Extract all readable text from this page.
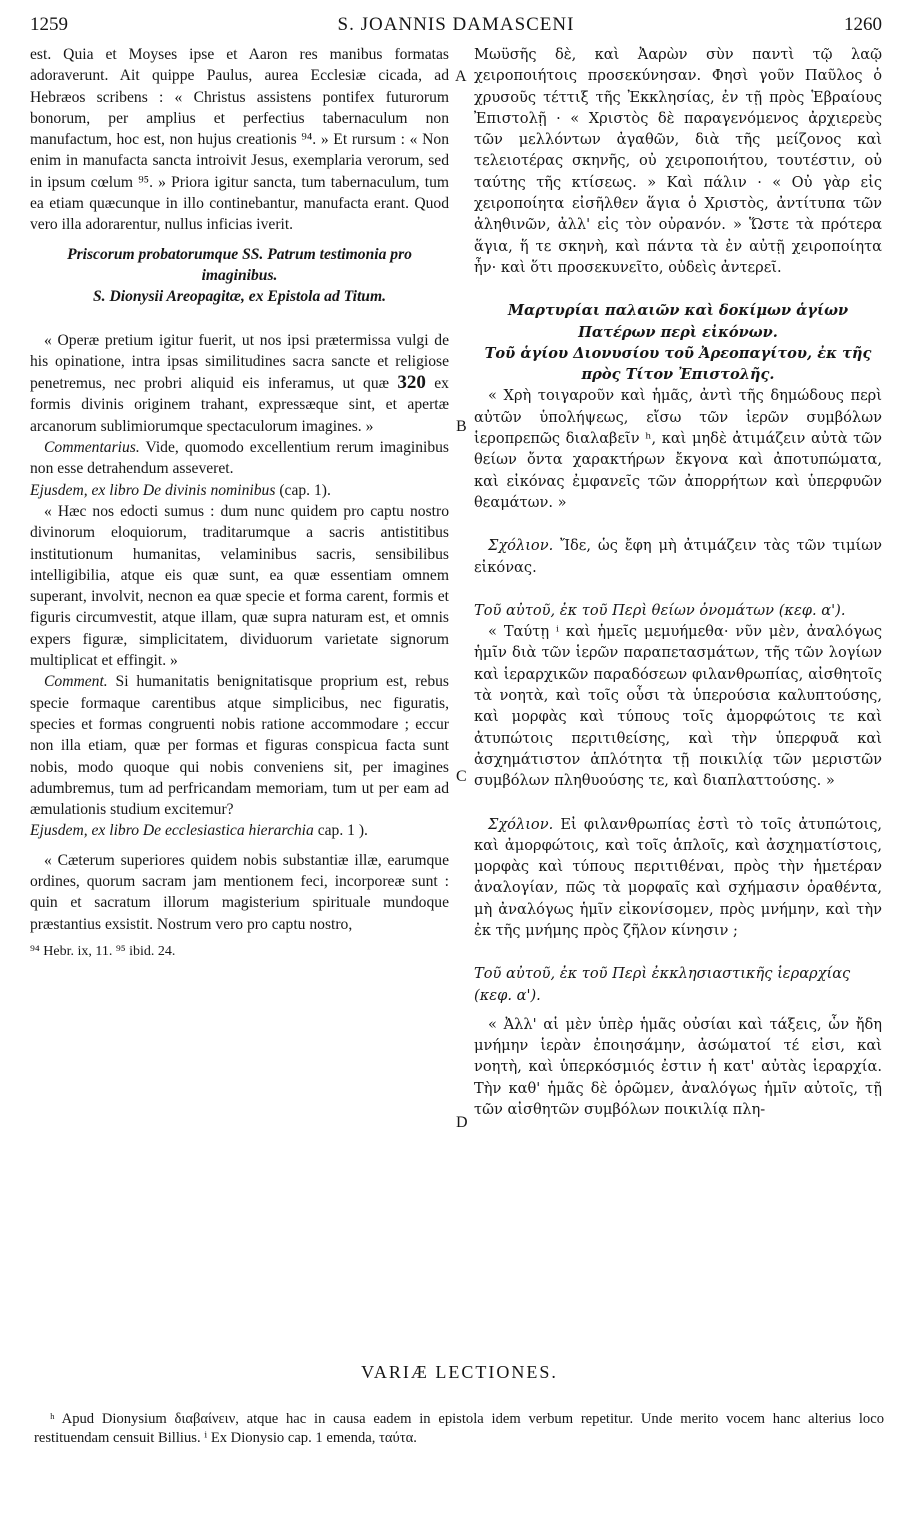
1259	S. JOANNIS DAMASCENI	1260
A
B
C
D

est. Quia et Moyses ipse et Aaron res manibus formatas adoraverunt. Ait quippe Paulus, aurea Ecclesiæ cicada, ad Hebræos scribens : « Christus assistens pontifex futurorum bonorum, per amplius et perfectius tabernaculum non manufactum, hoc est, non hujus creationis ⁹⁴. » Et rursum : « Non enim in manufacta sancta introivit Jesus, exemplaria verorum, sed in ipsum cœlum ⁹⁵. » Priora igitur sancta, tum tabernaculum, tum ea etiam quæcunque in illo continebantur, manufacta erant. Quod vero illa adorarentur, nullus inficias iverit.

Priscorum probatorumque SS. Patrum testimonia pro imaginibus.

S. Dionysii Areopagitæ, ex Epistola ad Titum.

« Operæ pretium igitur fuerit, ut nos ipsi prætermissa vulgi de his opinatione, intra ipsas similitudines sacra sancte et religiose penetremus, nec probri aliquid eis inferamus, ut quæ 320 ex formis divinis originem trahant, expressæque sint, et apertæ arcanorum sublimiorumque spectaculorum imagines. »

Commentarius. Vide, quomodo excellentium rerum imaginibus non esse detrahendum asseveret.

Ejusdem, ex libro De divinis nominibus (cap. 1).

« Hæc nos edocti sumus : dum nunc quidem pro captu nostro divinorum eloquiorum, traditarumque a sacris antistitibus institutionum humanitas, velaminibus sacris, sensibilibus intelligibilia, atque eis quæ sunt, ea quæ essentiam omnem superant, involvit, necnon ea quæ specie et forma carent, formis et figuris circumvestit, atque illam, quæ supra naturam est, et omnis expers figuræ, simplicitatem, dividuorum varietate signorum multiplicat et effingit. »

Comment. Si humanitatis benignitatisque proprium est, rebus specie formaque carentibus atque simplicibus, nec figuratis, species et formas congruenti nobis ratione accommodare ; eccur non illa etiam, quæ per formas et figuras conspicua facta sunt nobis, modo quoque qui nobis conveniens sit, per imagines adumbremus, tum ad perfricandam memoriam, tum ut per eam ad æmulationis studium excitemur?

Ejusdem, ex libro De ecclesiastica hierarchia cap. 1 ).

« Cæterum superiores quidem nobis substantiæ illæ, earumque ordines, quorum sacram jam mentionem feci, incorporeæ sunt : quin et sacratum illorum magisterium spirituale mundoque præstantius exsistit. Nostrum vero pro captu nostro,

⁹⁴ Hebr. ix, 11. ⁹⁵ ibid. 24.

Μωϋσῆς δὲ, καὶ Ἀαρὼν σὺν παντὶ τῷ λαῷ χειροποιήτοις προσεκύνησαν. Φησὶ γοῦν Παῦλος ὁ χρυσοῦς τέττιξ τῆς Ἐκκλησίας, ἐν τῇ πρὸς Ἑβραίους Ἐπιστολῇ · « Χριστὸς δὲ παραγενόμενος ἀρχιερεὺς τῶν μελλόντων ἀγαθῶν, διὰ τῆς μείζονος καὶ τελειοτέρας σκηνῆς, οὐ χειροποιήτου, τουτέστιν, οὐ ταύτης τῆς κτίσεως. » Καὶ πάλιν · « Οὐ γὰρ εἰς χειροποίητα εἰσῆλθεν ἅγια ὁ Χριστὸς, ἀντίτυπα τῶν ἀληθινῶν, ἀλλ' εἰς τὸν οὐρανόν. » Ὥστε τὰ πρότερα ἅγια, ἥ τε σκηνὴ, καὶ πάντα τὰ ἐν αὐτῇ χειροποίητα ἦν· καὶ ὅτι προσεκυνεῖτο, οὐδεὶς ἀντερεῖ.

Μαρτυρίαι παλαιῶν καὶ δοκίμων ἁγίων Πατέρων περὶ εἰκόνων.

Τοῦ ἁγίου Διονυσίου τοῦ Ἀρεοπαγίτου, ἐκ τῆς πρὸς Τίτον Ἐπιστολῆς.

« Χρὴ τοιγαροῦν καὶ ἡμᾶς, ἀντὶ τῆς δημώδους περὶ αὐτῶν ὑπολήψεως, εἴσω τῶν ἱερῶν συμβόλων ἱεροπρεπῶς διαλαβεῖν ʰ, καὶ μηδὲ ἀτιμάζειν αὐτὰ τῶν θείων ὄντα χαρακτήρων ἔκγονα καὶ ἀποτυπώματα, καὶ εἰκόνας ἐμφανεῖς τῶν ἀπορρήτων καὶ ὑπερφυῶν θεαμάτων. »

Σχόλιον. Ἴδε, ὡς ἔφη μὴ ἀτιμάζειν τὰς τῶν τιμίων εἰκόνας.

Τοῦ αὐτοῦ, ἐκ τοῦ Περὶ θείων ὀνομάτων (κεφ. α').

« Ταύτῃ ⁱ καὶ ἡμεῖς μεμυήμεθα· νῦν μὲν, ἀναλόγως ἡμῖν διὰ τῶν ἱερῶν παραπετασμάτων, τῆς τῶν λογίων καὶ ἱεραρχικῶν παραδόσεων φιλανθρωπίας, αἰσθητοῖς τὰ νοητὰ, καὶ τοῖς οὖσι τὰ ὑπερούσια καλυπτούσης, καὶ μορφὰς καὶ τύπους τοῖς ἀμορφώτοις τε καὶ ἀτυπώτοις περιτιθείσης, καὶ τὴν ὑπερφυᾶ καὶ ἀσχημάτιστον ἁπλότητα τῇ ποικιλίᾳ τῶν μεριστῶν συμβόλων πληθυούσης τε, καὶ διαπλαττούσης. »

Σχόλιον. Εἰ φιλανθρωπίας ἐστὶ τὸ τοῖς ἀτυπώτοις, καὶ ἀμορφώτοις, καὶ τοῖς ἁπλοῖς, καὶ ἀσχηματίστοις, μορφὰς καὶ τύπους περιτιθέναι, πρὸς τὴν ἡμετέραν ἀναλογίαν, πῶς τὰ μορφαῖς καὶ σχήμασιν ὁραθέντα, μὴ ἀναλόγως ἡμῖν εἰκονίσομεν, πρὸς μνήμην, καὶ τὴν ἐκ τῆς μνήμης πρὸς ζῆλον κίνησιν ;

Τοῦ αὐτοῦ, ἐκ τοῦ Περὶ ἐκκλησιαστικῆς ἱεραρχίας (κεφ. α').

« Ἀλλ' αἱ μὲν ὑπὲρ ἡμᾶς οὐσίαι καὶ τάξεις, ὧν ἤδη μνήμην ἱερὰν ἐποιησάμην, ἀσώματοί τέ εἰσι, καὶ νοητὴ, καὶ ὑπερκόσμιός ἐστιν ἡ κατ' αὐτὰς ἱεραρχία. Τὴν καθ' ἡμᾶς δὲ ὁρῶμεν, ἀναλόγως ἡμῖν αὐτοῖς, τῇ τῶν αἰσθητῶν συμβόλων ποικιλίᾳ πλη-

VARIÆ LECTIONES.

ʰ Apud Dionysium διαβαίνειν, atque hac in causa eadem in epistola idem verbum repetitur. Unde merito vocem hanc alterius loco restituendam censuit Billius. ⁱ Ex Dionysio cap. 1 emenda, ταύτα.
